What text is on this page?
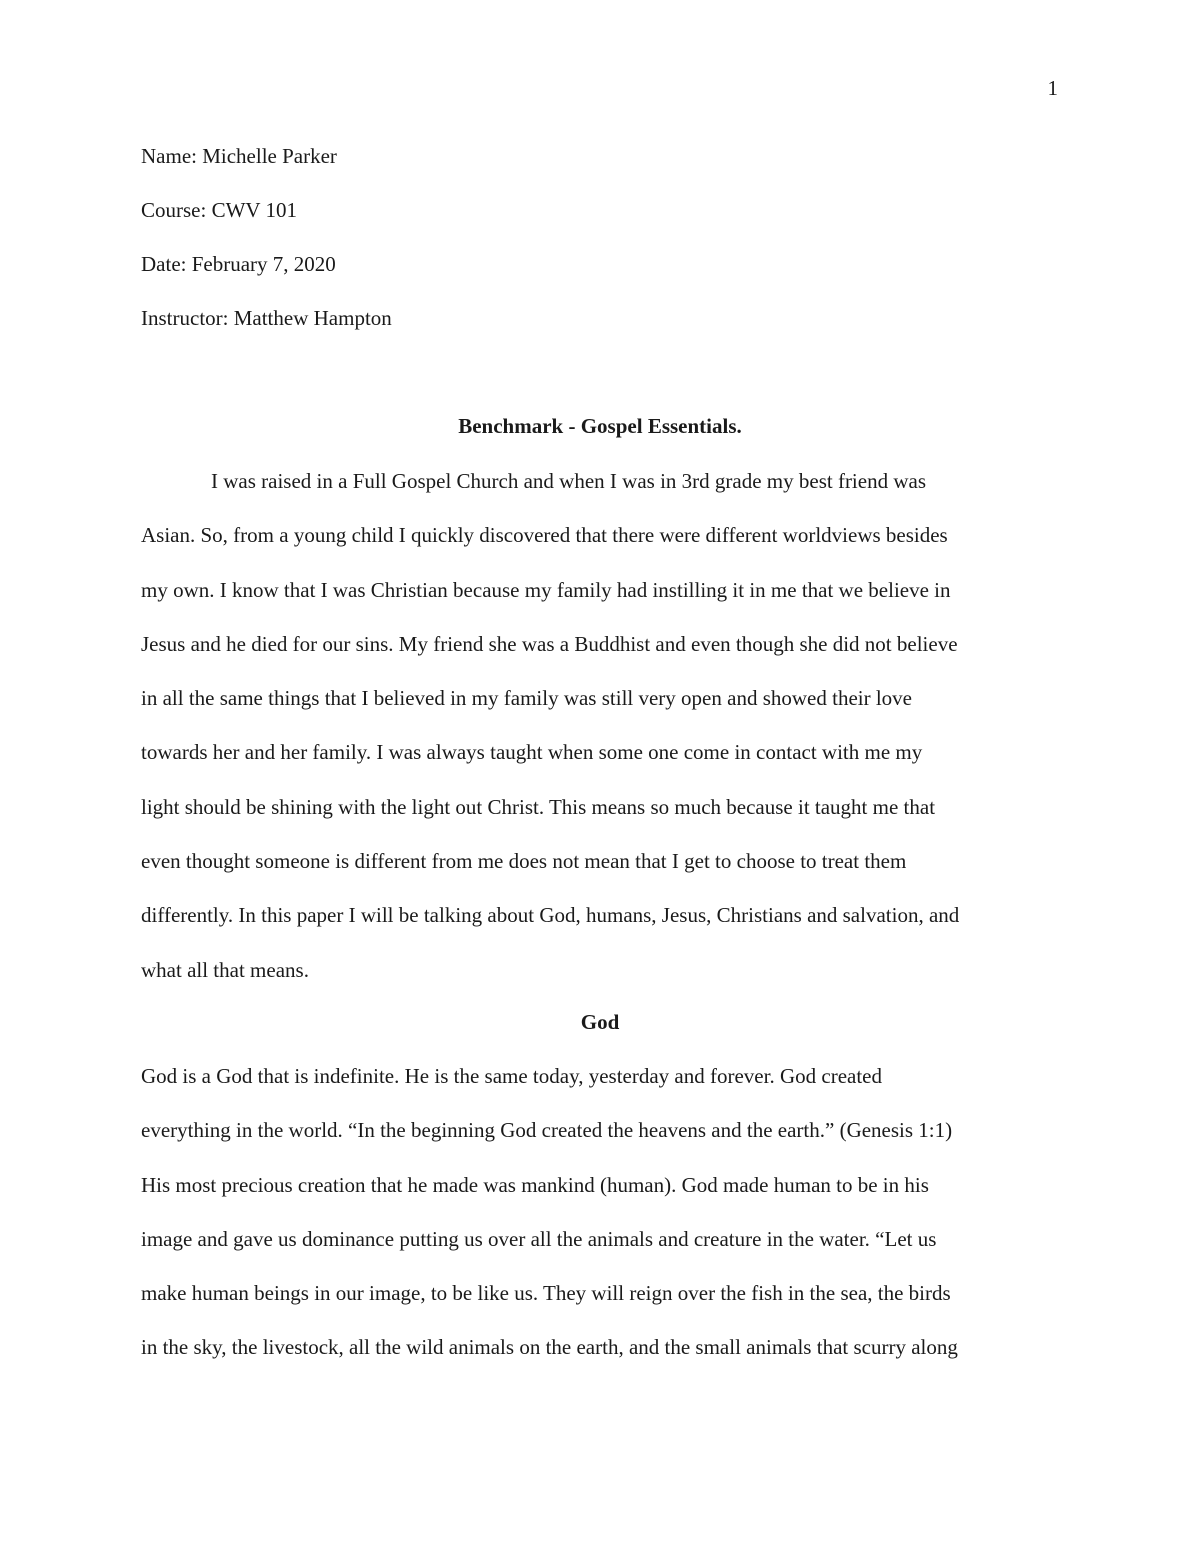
1
Name: Michelle Parker
Course: CWV 101
Date: February 7, 2020
Instructor: Matthew Hampton
Benchmark - Gospel Essentials.
I was raised in a Full Gospel Church and when I was in 3rd grade my best friend was
Asian. So, from a young child I quickly discovered that there were different worldviews besides
my own. I know that I was Christian because my family had instilling it in me that we believe in
Jesus and he died for our sins. My friend she was a Buddhist and even though she did not believe
in all the same things that I believed in my family was still very open and showed their love
towards her and her family. I was always taught when some one come in contact with me my
light should be shining with the light out Christ. This means so much because it taught me that
even thought someone is different from me does not mean that I get to choose to treat them
differently. In this paper I will be talking about God, humans, Jesus, Christians and salvation, and
what all that means.
God
God is a God that is indefinite. He is the same today, yesterday and forever. God created
everything in the world. “In the beginning God created the heavens and the earth.” (Genesis 1:1)
His most precious creation that he made was mankind (human). God made human to be in his
image and gave us dominance putting us over all the animals and creature in the water. “Let us
make human beings in our image, to be like us. They will reign over the fish in the sea, the birds
in the sky, the livestock, all the wild animals on the earth, and the small animals that scurry along
